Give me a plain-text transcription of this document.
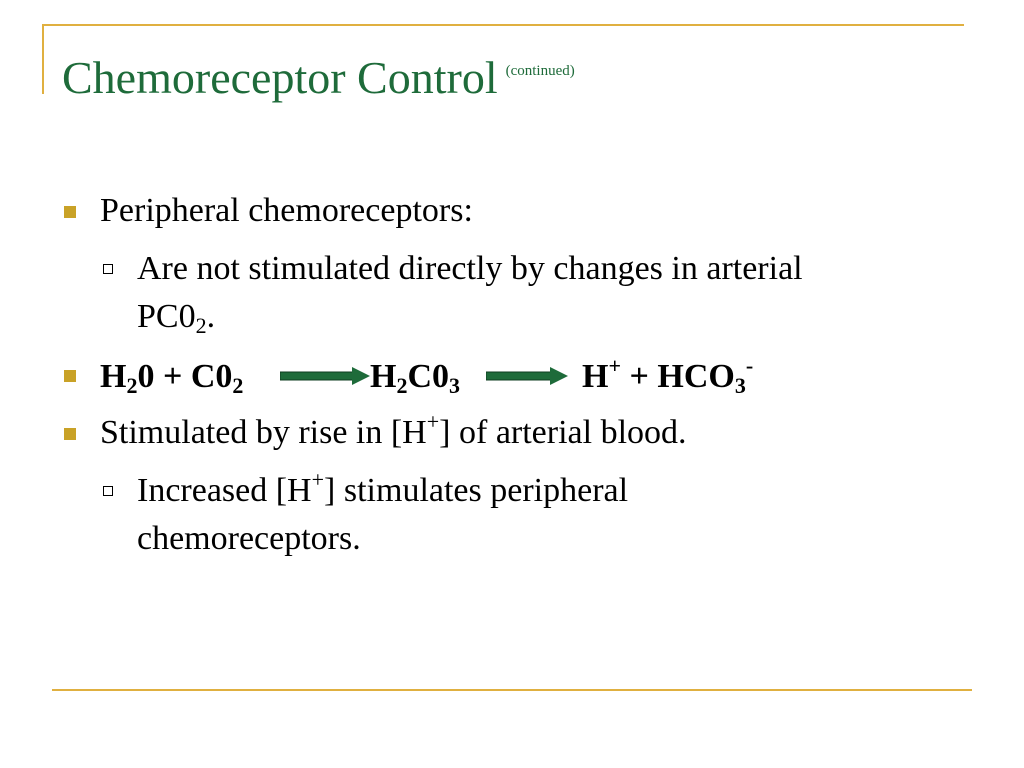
Chemoreceptor Control (continued)
Peripheral chemoreceptors:
Are not stimulated directly by changes in arterial
$PC0_2$.
$H_20 + C0_2$	$H_2C0_3$	$H^+ + HCO_3^-$
Stimulated by rise in [H+] of arterial blood.
Increased [H+] stimulates peripheral
chemoreceptors.
